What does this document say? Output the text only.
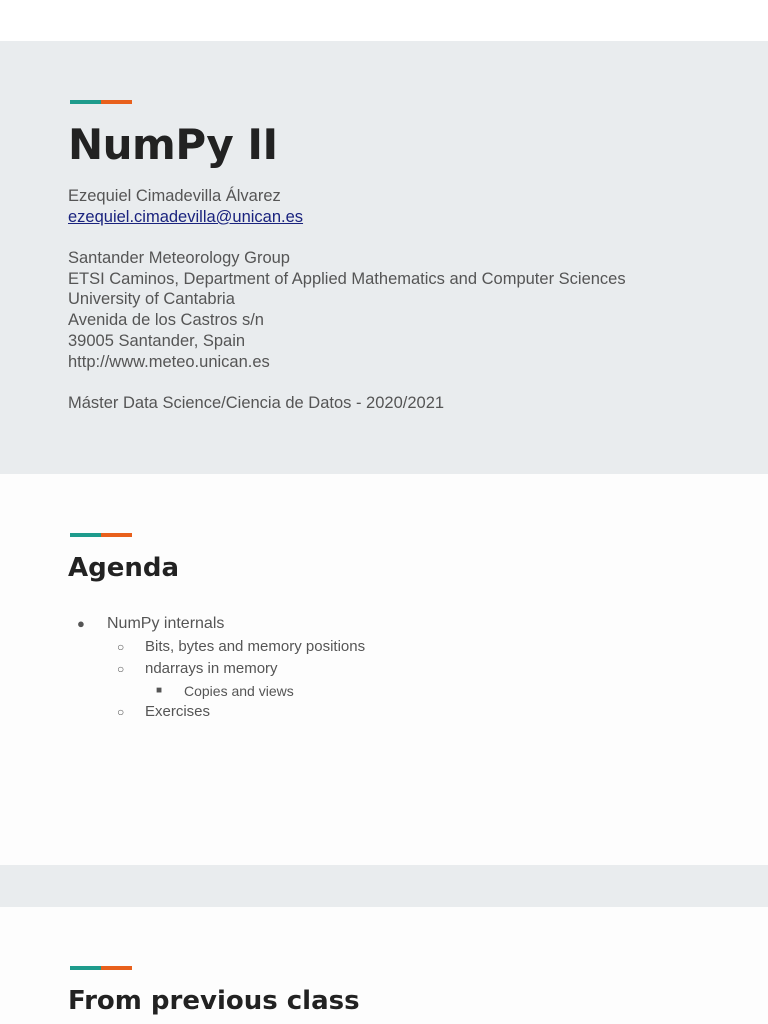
NumPy II
Ezequiel Cimadevilla Álvarez
ezequiel.cimadevilla@unican.es
Santander Meteorology Group
ETSI Caminos, Department of Applied Mathematics and Computer Sciences
University of Cantabria
Avenida de los Castros s/n
39005 Santander, Spain
http://www.meteo.unican.es
Máster Data Science/Ciencia de Datos - 2020/2021
Agenda
● NumPy internals
○ Bits, bytes and memory positions
○ ndarrays in memory
■ Copies and views
○ Exercises
From previous class
